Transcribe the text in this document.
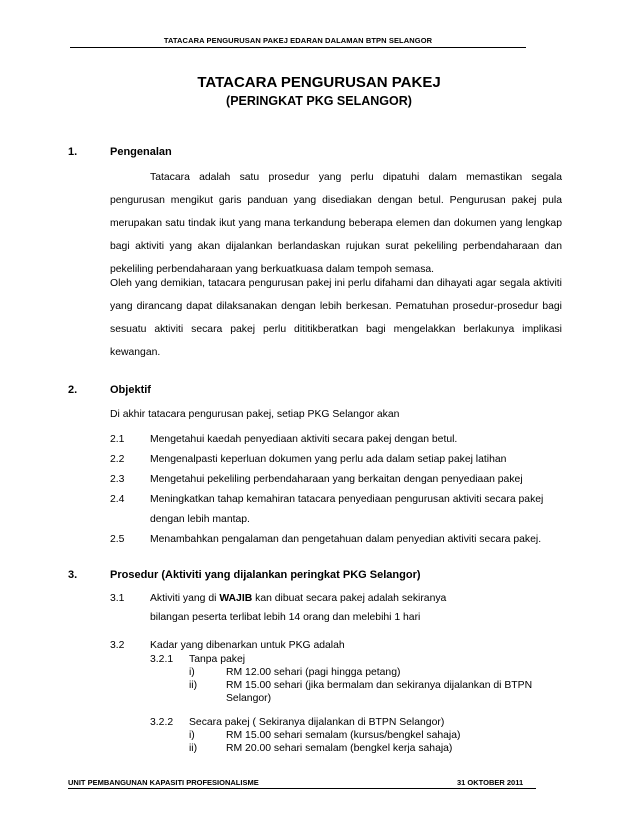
TATACARA PENGURUSAN PAKEJ EDARAN DALAMAN BTPN SELANGOR
TATACARA PENGURUSAN PAKEJ
(PERINGKAT PKG SELANGOR)
1.	Pengenalan

Tatacara adalah satu prosedur yang perlu dipatuhi dalam memastikan segala pengurusan mengikut garis panduan yang disediakan dengan betul. Pengurusan pakej pula merupakan satu tindak ikut yang mana terkandung beberapa elemen dan dokumen yang lengkap bagi aktiviti yang akan dijalankan berlandaskan rujukan surat pekeliling perbendaharaan dan pekeliling perbendaharaan yang berkuatkuasa dalam tempoh semasa.

Oleh yang demikian, tatacara pengurusan pakej ini perlu difahami dan dihayati agar segala aktiviti yang dirancang dapat dilaksanakan dengan lebih berkesan. Pematuhan prosedur-prosedur bagi sesuatu aktiviti secara pakej perlu dititikberatkan bagi mengelakkan berlakunya implikasi kewangan.

2.	Objektif
Di akhir tatacara pengurusan pakej, setiap PKG Selangor akan
2.1 Mengetahui kaedah penyediaan aktiviti secara pakej dengan betul.
2.2 Mengenalpasti keperluan dokumen yang perlu ada dalam setiap pakej latihan
2.3 Mengetahui pekeliling perbendaharaan yang berkaitan dengan penyediaan pakej
2.4 Meningkatkan tahap kemahiran tatacara penyediaan pengurusan aktiviti secara pakej
dengan lebih mantap.
2.5 Menambahkan pengalaman dan pengetahuan dalam penyedian aktiviti secara pakej.
3.	Prosedur (Aktiviti yang dijalankan peringkat PKG Selangor)
3.1 Aktiviti yang di WAJIB kan dibuat secara pakej adalah sekiranya
bilangan peserta terlibat lebih 14 orang dan melebihi 1 hari
3.2 Kadar yang dibenarkan untuk PKG adalah
3.2.1 Tanpa pakej
i)	RM 12.00 sehari (pagi hingga petang)
ii)	RM 15.00 sehari (jika bermalam dan sekiranya dijalankan di BTPN
Selangor)
3.2.2 Secara pakej ( Sekiranya dijalankan di BTPN Selangor)
i)	RM 15.00 sehari semalam (kursus/bengkel sahaja)
ii)	RM 20.00 sehari semalam (bengkel kerja sahaja)
UNIT PEMBANGUNAN KAPASITI PROFESIONALISME	31 OKTOBER 2011
